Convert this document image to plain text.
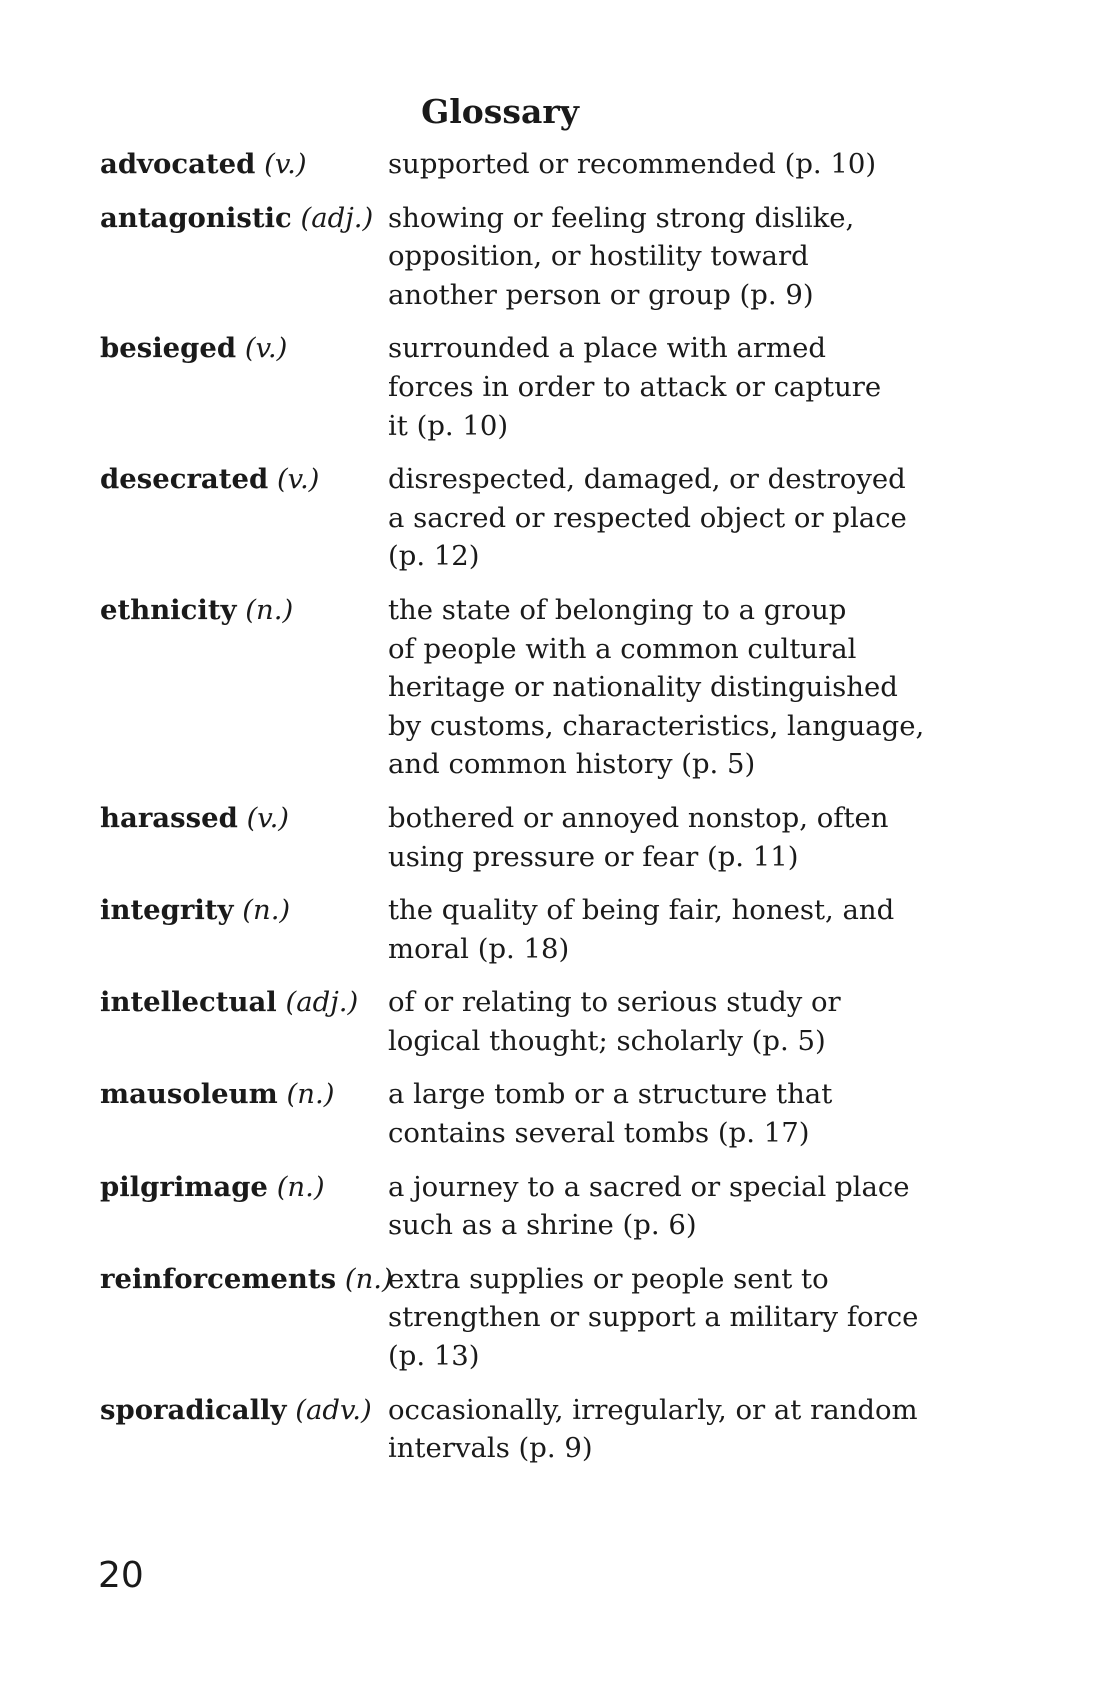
Glossary
advocated (v.)	supported or recommended (p. 10)
antagonistic (adj.) showing or feeling strong dislike,
opposition, or hostility toward
another person or group (p. 9)
besieged (v.)	surrounded a place with armed
forces in order to attack or capture
it (p. 10)
desecrated (v.)	disrespected, damaged, or destroyed
a sacred or respected object or place
(p. 12)
ethnicity (n.)	the state of belonging to a group
of people with a common cultural
heritage or nationality distinguished
by customs, characteristics, language,
and common history (p. 5)
harassed (v.)	bothered or annoyed nonstop, often
using pressure or fear (p. 11)
integrity (n.)	the quality of being fair, honest, and
moral (p. 18)
intellectual (adj.)	of or relating to serious study or
logical thought; scholarly (p. 5)
mausoleum (n.)	a large tomb or a structure that
contains several tombs (p. 17)
pilgrimage (n.)	a journey to a sacred or special place
such as a shrine (p. 6)
reinforcements (n.)
extra supplies or people sent to
strengthen or support a military force
(p. 13)
sporadically (adv.) occasionally, irregularly, or at random
intervals (p. 9)
20
